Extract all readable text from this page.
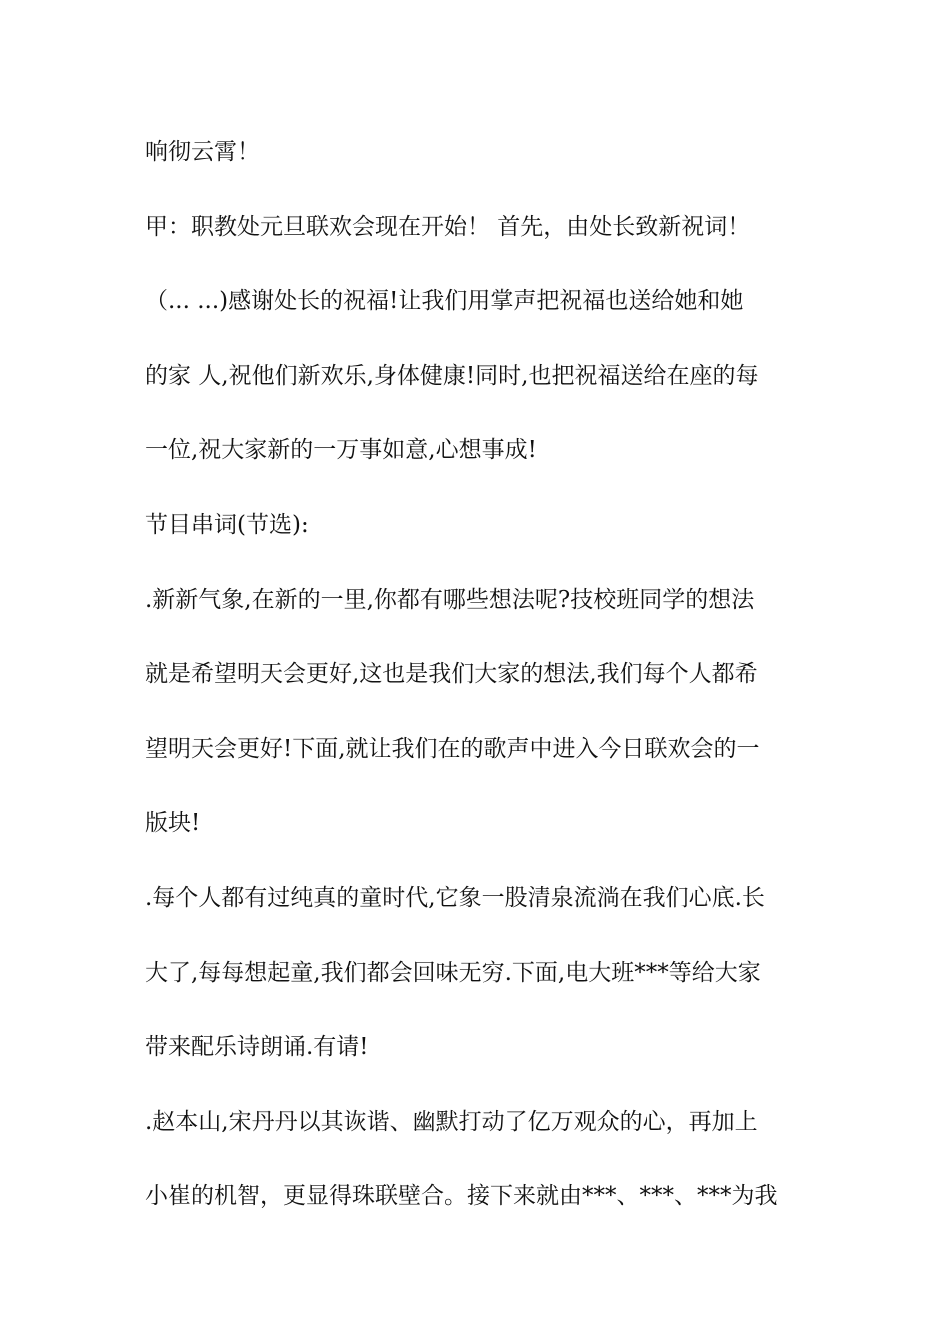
响彻云霄！
甲：职教处元旦联欢会现在开始！ 首先，由处长致新祝词！
（... ...)感谢处长的祝福!让我们用掌声把祝福也送给她和她
的家 人,祝他们新欢乐,身体健康!同时,也把祝福送给在座的每
一位,祝大家新的一万事如意,心想事成!
节目串词(节选):
.新新气象,在新的一里,你都有哪些想法呢?技校班同学的想法
就是希望明天会更好,这也是我们大家的想法,我们每个人都希
望明天会更好!下面,就让我们在的歌声中进入今日联欢会的一
版块!
.每个人都有过纯真的童时代,它象一股清泉流淌在我们心底.长
大了,每每想起童,我们都会回味无穷.下面,电大班***等给大家
带来配乐诗朗诵.有请!
.赵本山,宋丹丹以其诙谐、幽默打动了亿万观众的心，再加上
小崔的机智，更显得珠联壁合。接下来就由***、***、***为我
